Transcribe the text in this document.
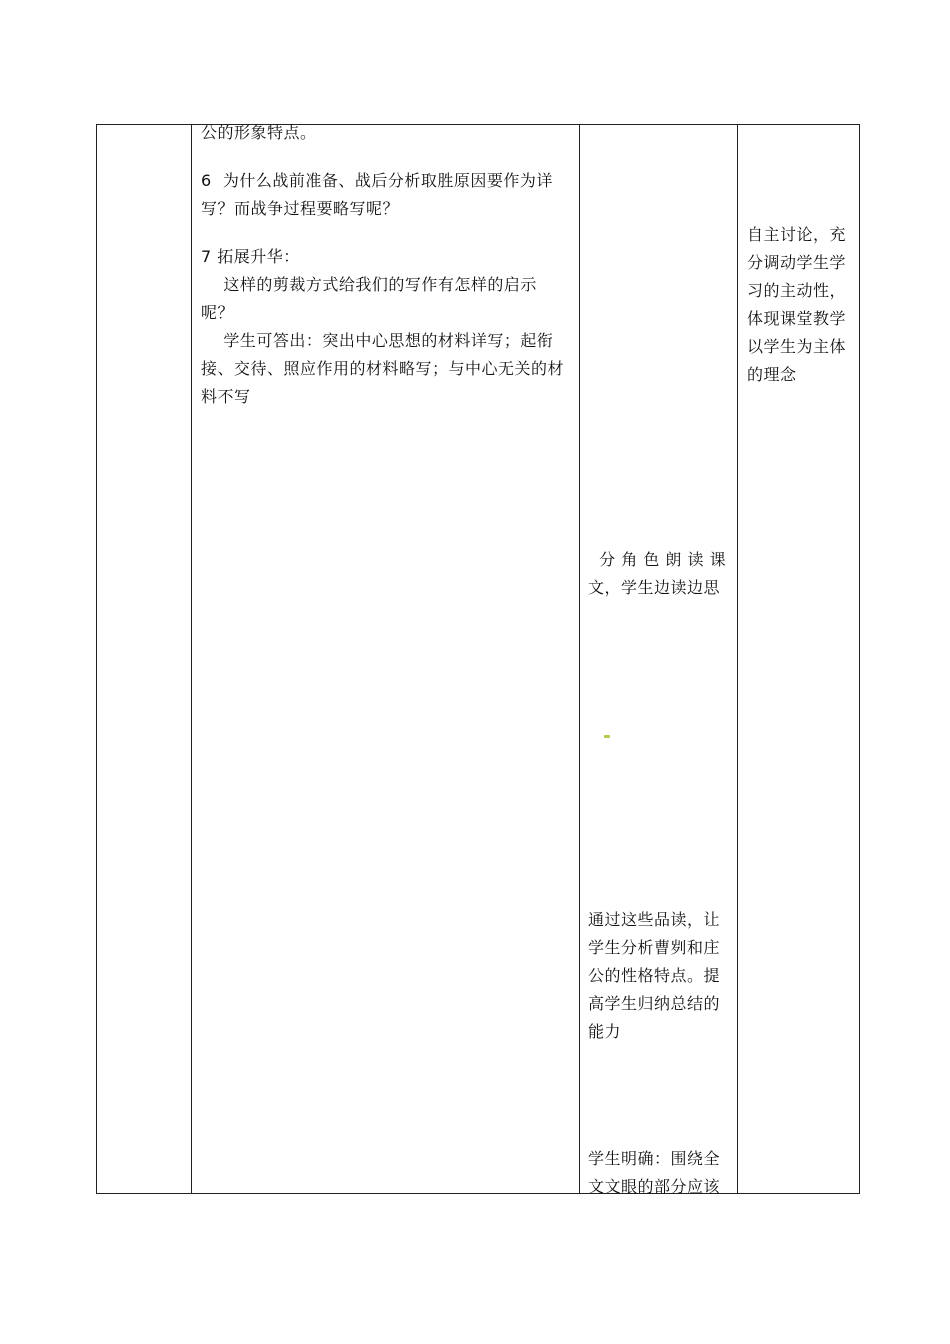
公的形象特点。

6  为什么战前准备、战后分析取胜原因要作为详

写？而战争过程要略写呢？

7 拓展升华：

这样的剪裁方式给我们的写作有怎样的启示

呢？

学生可答出：突出中心思想的材料详写；起衔

接、交待、照应作用的材料略写；与中心无关的材

料不写

分 角 色 朗 读 课

文，学生边读边思

通过这些品读，让

学生分析曹刿和庄

公的性格特点。提

高学生归纳总结的

能力

学生明确：围绕全

文文眼的部分应该

自主讨论，充

分调动学生学

习的主动性，

体现课堂教学

以学生为主体

的理念
